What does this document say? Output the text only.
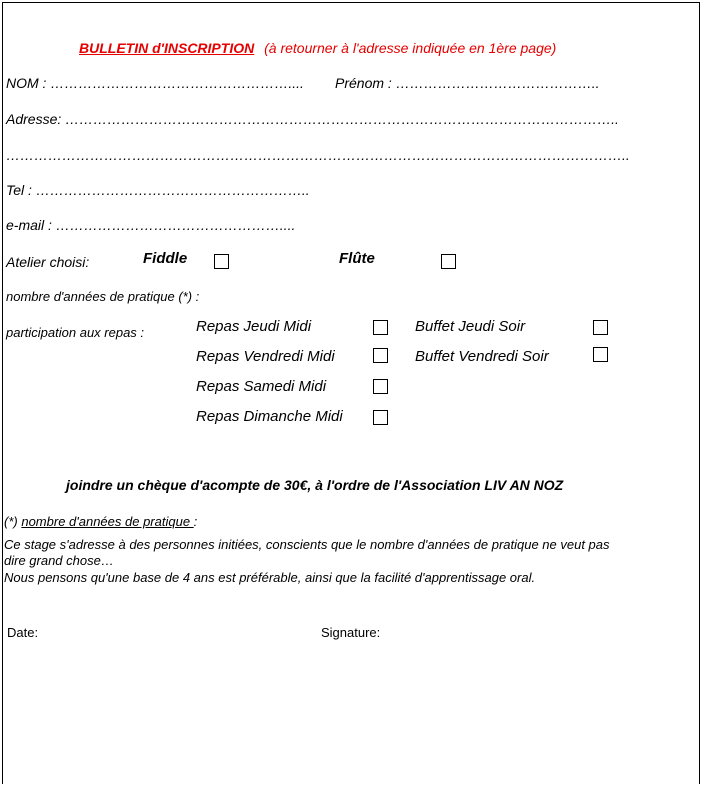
BULLETIN d'INSCRIPTION (à retourner à l'adresse indiquée en 1ère page)
NOM : …………………………………………….... Prénom : ……………………………………..
Adresse: ………………………………………………………………………………………………………..
……………………………………………………………………………………………………………………..
Tel : …………………………………………………..
e-mail : …………………………………………....
Atelier choisi:	Fiddle	Flûte
nombre d'années de pratique (*) :
participation aux repas :	Repas Jeudi Midi	Buffet Jeudi Soir
Repas Vendredi Midi	Buffet Vendredi Soir
Repas Samedi Midi
Repas Dimanche Midi
joindre un chèque d'acompte de 30€, à l'ordre de l'Association LIV AN NOZ
(*) nombre d'années de pratique :
Ce stage s'adresse à des personnes initiées, conscients que le nombre d'années de pratique ne veut pas
dire grand chose…
Nous pensons qu'une base de 4 ans est préférable, ainsi que la facilité d'apprentissage oral.
Date:	Signature:
